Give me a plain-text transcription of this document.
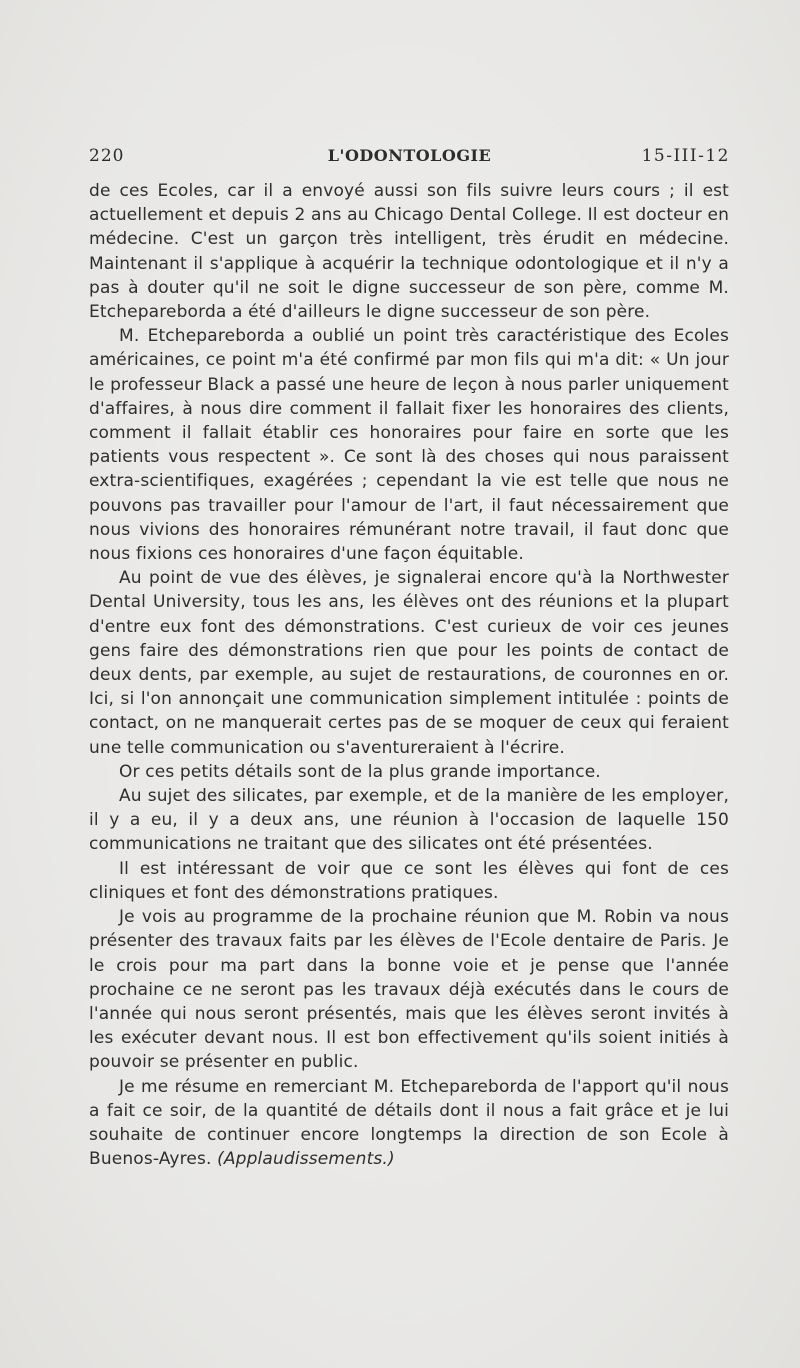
220	L'ODONTOLOGIE	15-III-12

de ces Ecoles, car il a envoyé aussi son fils suivre leurs cours ; il est actuellement et depuis 2 ans au Chicago Dental College. Il est docteur en médecine. C'est un garçon très intelligent, très érudit en médecine. Maintenant il s'applique à acquérir la technique odontologique et il n'y a pas à douter qu'il ne soit le digne successeur de son père, comme M. Etchepareborda a été d'ailleurs le digne successeur de son père.

M. Etchepareborda a oublié un point très caractéristique des Ecoles américaines, ce point m'a été confirmé par mon fils qui m'a dit: « Un jour le professeur Black a passé une heure de leçon à nous parler uniquement d'affaires, à nous dire comment il fallait fixer les honoraires des clients, comment il fallait établir ces honoraires pour faire en sorte que les patients vous respectent ». Ce sont là des choses qui nous paraissent extra-scientifiques, exagérées ; cependant la vie est telle que nous ne pouvons pas travailler pour l'amour de l'art, il faut nécessairement que nous vivions des honoraires rémunérant notre travail, il faut donc que nous fixions ces honoraires d'une façon équitable.

Au point de vue des élèves, je signalerai encore qu'à la Northwester Dental University, tous les ans, les élèves ont des réunions et la plupart d'entre eux font des démonstrations. C'est curieux de voir ces jeunes gens faire des démonstrations rien que pour les points de contact de deux dents, par exemple, au sujet de restaurations, de couronnes en or. Ici, si l'on annonçait une communication simplement intitulée : points de contact, on ne manquerait certes pas de se moquer de ceux qui feraient une telle communication ou s'aventureraient à l'écrire.

Or ces petits détails sont de la plus grande importance.

Au sujet des silicates, par exemple, et de la manière de les employer, il y a eu, il y a deux ans, une réunion à l'occasion de laquelle 150 communications ne traitant que des silicates ont été présentées.

Il est intéressant de voir que ce sont les élèves qui font de ces cliniques et font des démonstrations pratiques.

Je vois au programme de la prochaine réunion que M. Robin va nous présenter des travaux faits par les élèves de l'Ecole dentaire de Paris. Je le crois pour ma part dans la bonne voie et je pense que l'année prochaine ce ne seront pas les travaux déjà exécutés dans le cours de l'année qui nous seront présentés, mais que les élèves seront invités à les exécuter devant nous. Il est bon effectivement qu'ils soient initiés à pouvoir se présenter en public.

Je me résume en remerciant M. Etchepareborda de l'apport qu'il nous a fait ce soir, de la quantité de détails dont il nous a fait grâce et je lui souhaite de continuer encore longtemps la direction de son Ecole à Buenos-Ayres. (Applaudissements.)
